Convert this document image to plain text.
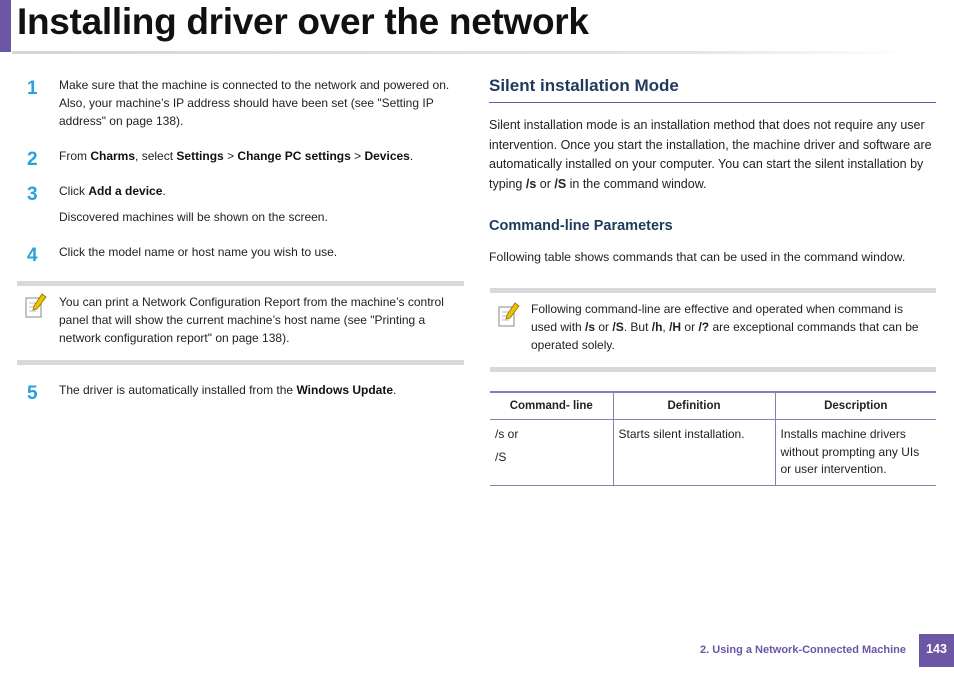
Installing driver over the network
1 Make sure that the machine is connected to the network and powered on. Also, your machine’s IP address should have been set (see "Setting IP address" on page 138).
2 From Charms, select Settings > Change PC settings > Devices.
3 Click Add a device.
Discovered machines will be shown on the screen.
4 Click the model name or host name you wish to use.
You can print a Network Configuration Report from the machine’s control panel that will show the current machine’s host name (see "Printing a network configuration report" on page 138).
5 The driver is automatically installed from the Windows Update.
Silent installation Mode
Silent installation mode is an installation method that does not require any user intervention. Once you start the installation, the machine driver and software are automatically installed on your computer. You can start the silent installation by typing /s or /S in the command window.
Command-line Parameters
Following table shows commands that can be used in the command window.
Following command-line are effective and operated when command is used with /s or /S. But /h, /H or /? are exceptional commands that can be operated solely.
Command- line	Definition	Description

/s or
/S	Starts silent installation.	Installs machine drivers without prompting any UIs or user intervention.
2. Using a Network-Connected Machine	143
